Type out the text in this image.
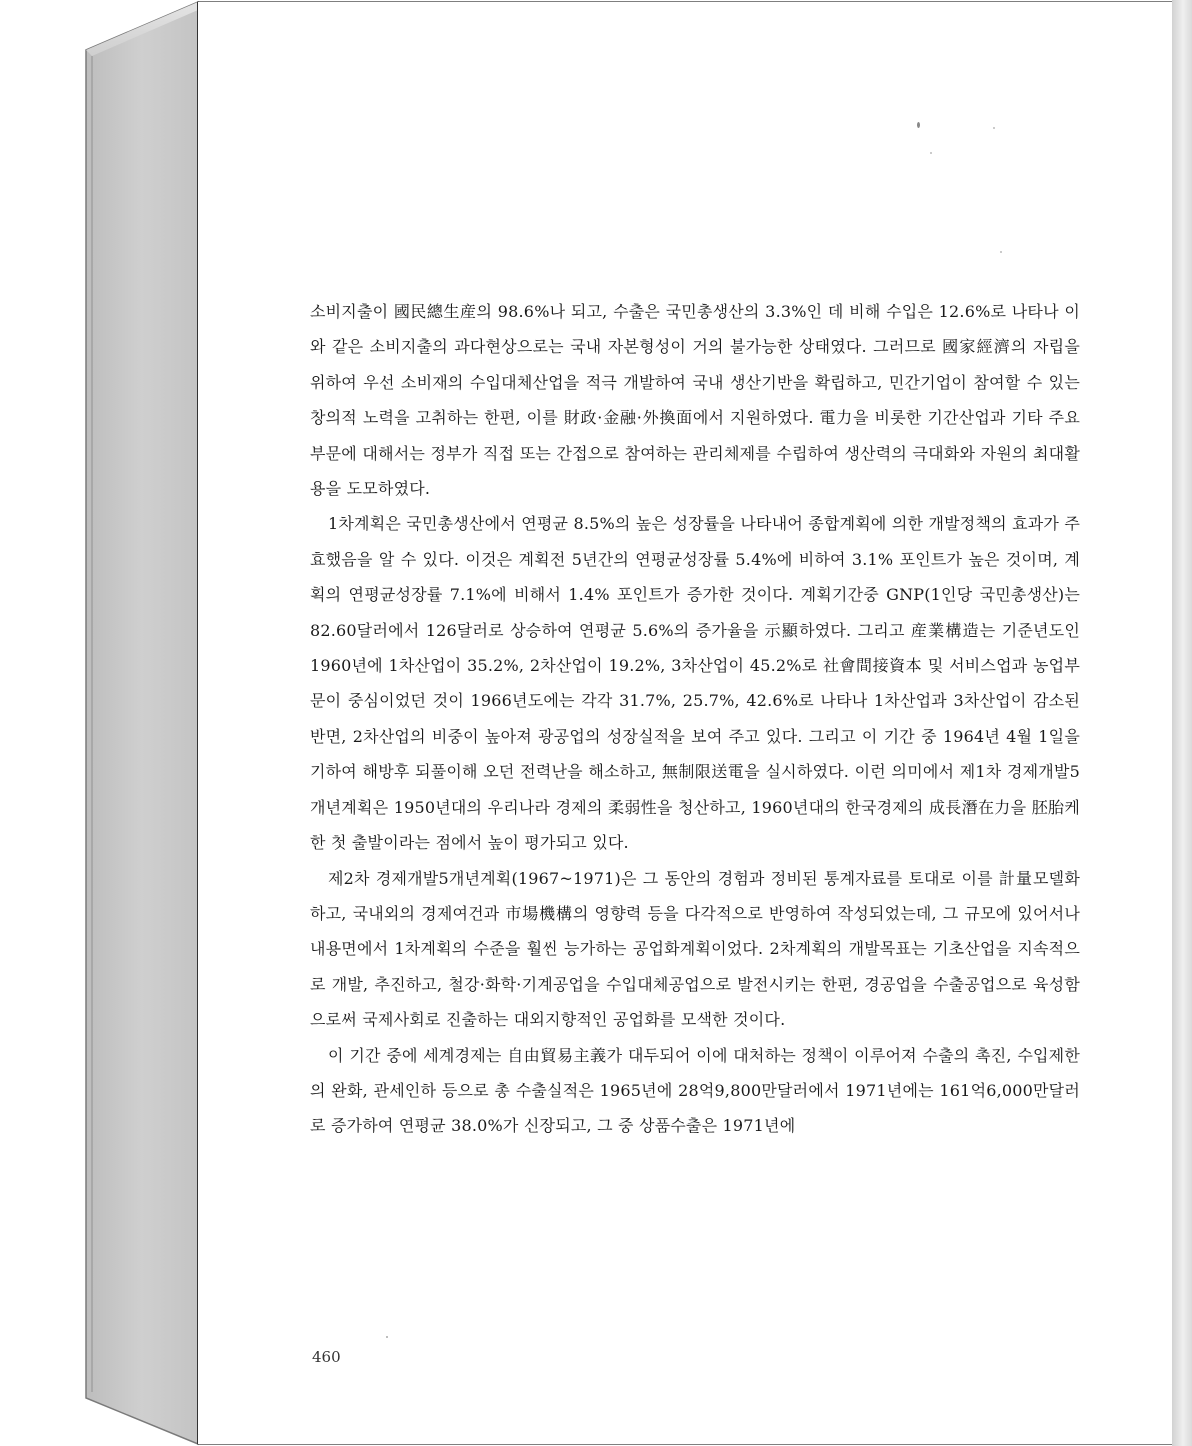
소비지출이 國民總生産의 98.6%나 되고, 수출은 국민총생산의 3.3%인 데 비해 수입은 12.6%로 나타나 이와 같은 소비지출의 과다현상으로는 국내 자본형성이 거의 불가능한 상태였다. 그러므로 國家經濟의 자립을 위하여 우선 소비재의 수입대체산업을 적극 개발하여 국내 생산기반을 확립하고, 민간기업이 참여할 수 있는 창의적 노력을 고취하는 한편, 이를 財政·金融·外換面에서 지원하였다. 電力을 비롯한 기간산업과 기타 주요부문에 대해서는 정부가 직접 또는 간접으로 참여하는 관리체제를 수립하여 생산력의 극대화와 자원의 최대활용을 도모하였다.

1차계획은 국민총생산에서 연평균 8.5%의 높은 성장률을 나타내어 종합계획에 의한 개발정책의 효과가 주효했음을 알 수 있다. 이것은 계획전 5년간의 연평균성장률 5.4%에 비하여 3.1% 포인트가 높은 것이며, 계획의 연평균성장률 7.1%에 비해서 1.4% 포인트가 증가한 것이다. 계획기간중 GNP(1인당 국민총생산)는 82.60달러에서 126달러로 상승하여 연평균 5.6%의 증가율을 示顯하였다. 그리고 産業構造는 기준년도인 1960년에 1차산업이 35.2%, 2차산업이 19.2%, 3차산업이 45.2%로 社會間接資本 및 서비스업과 농업부문이 중심이었던 것이 1966년도에는 각각 31.7%, 25.7%, 42.6%로 나타나 1차산업과 3차산업이 감소된 반면, 2차산업의 비중이 높아져 광공업의 성장실적을 보여 주고 있다. 그리고 이 기간 중 1964년 4월 1일을 기하여 해방후 되풀이해 오던 전력난을 해소하고, 無制限送電을 실시하였다. 이런 의미에서 제1차 경제개발5개년계획은 1950년대의 우리나라 경제의 柔弱性을 청산하고, 1960년대의 한국경제의 成長潛在力을 胚胎케 한 첫 출발이라는 점에서 높이 평가되고 있다.

제2차 경제개발5개년계획(1967~1971)은 그 동안의 경험과 정비된 통계자료를 토대로 이를 計量모델화하고, 국내외의 경제여건과 市場機構의 영향력 등을 다각적으로 반영하여 작성되었는데, 그 규모에 있어서나 내용면에서 1차계획의 수준을 훨씬 능가하는 공업화계획이었다. 2차계획의 개발목표는 기초산업을 지속적으로 개발, 추진하고, 철강·화학·기계공업을 수입대체공업으로 발전시키는 한편, 경공업을 수출공업으로 육성함으로써 국제사회로 진출하는 대외지향적인 공업화를 모색한 것이다.

이 기간 중에 세계경제는 自由貿易主義가 대두되어 이에 대처하는 정책이 이루어져 수출의 촉진, 수입제한의 완화, 관세인하 등으로 총 수출실적은 1965년에 28억9,800만달러에서 1971년에는 161억6,000만달러로 증가하여 연평균 38.0%가 신장되고, 그 중 상품수출은 1971년에

460
